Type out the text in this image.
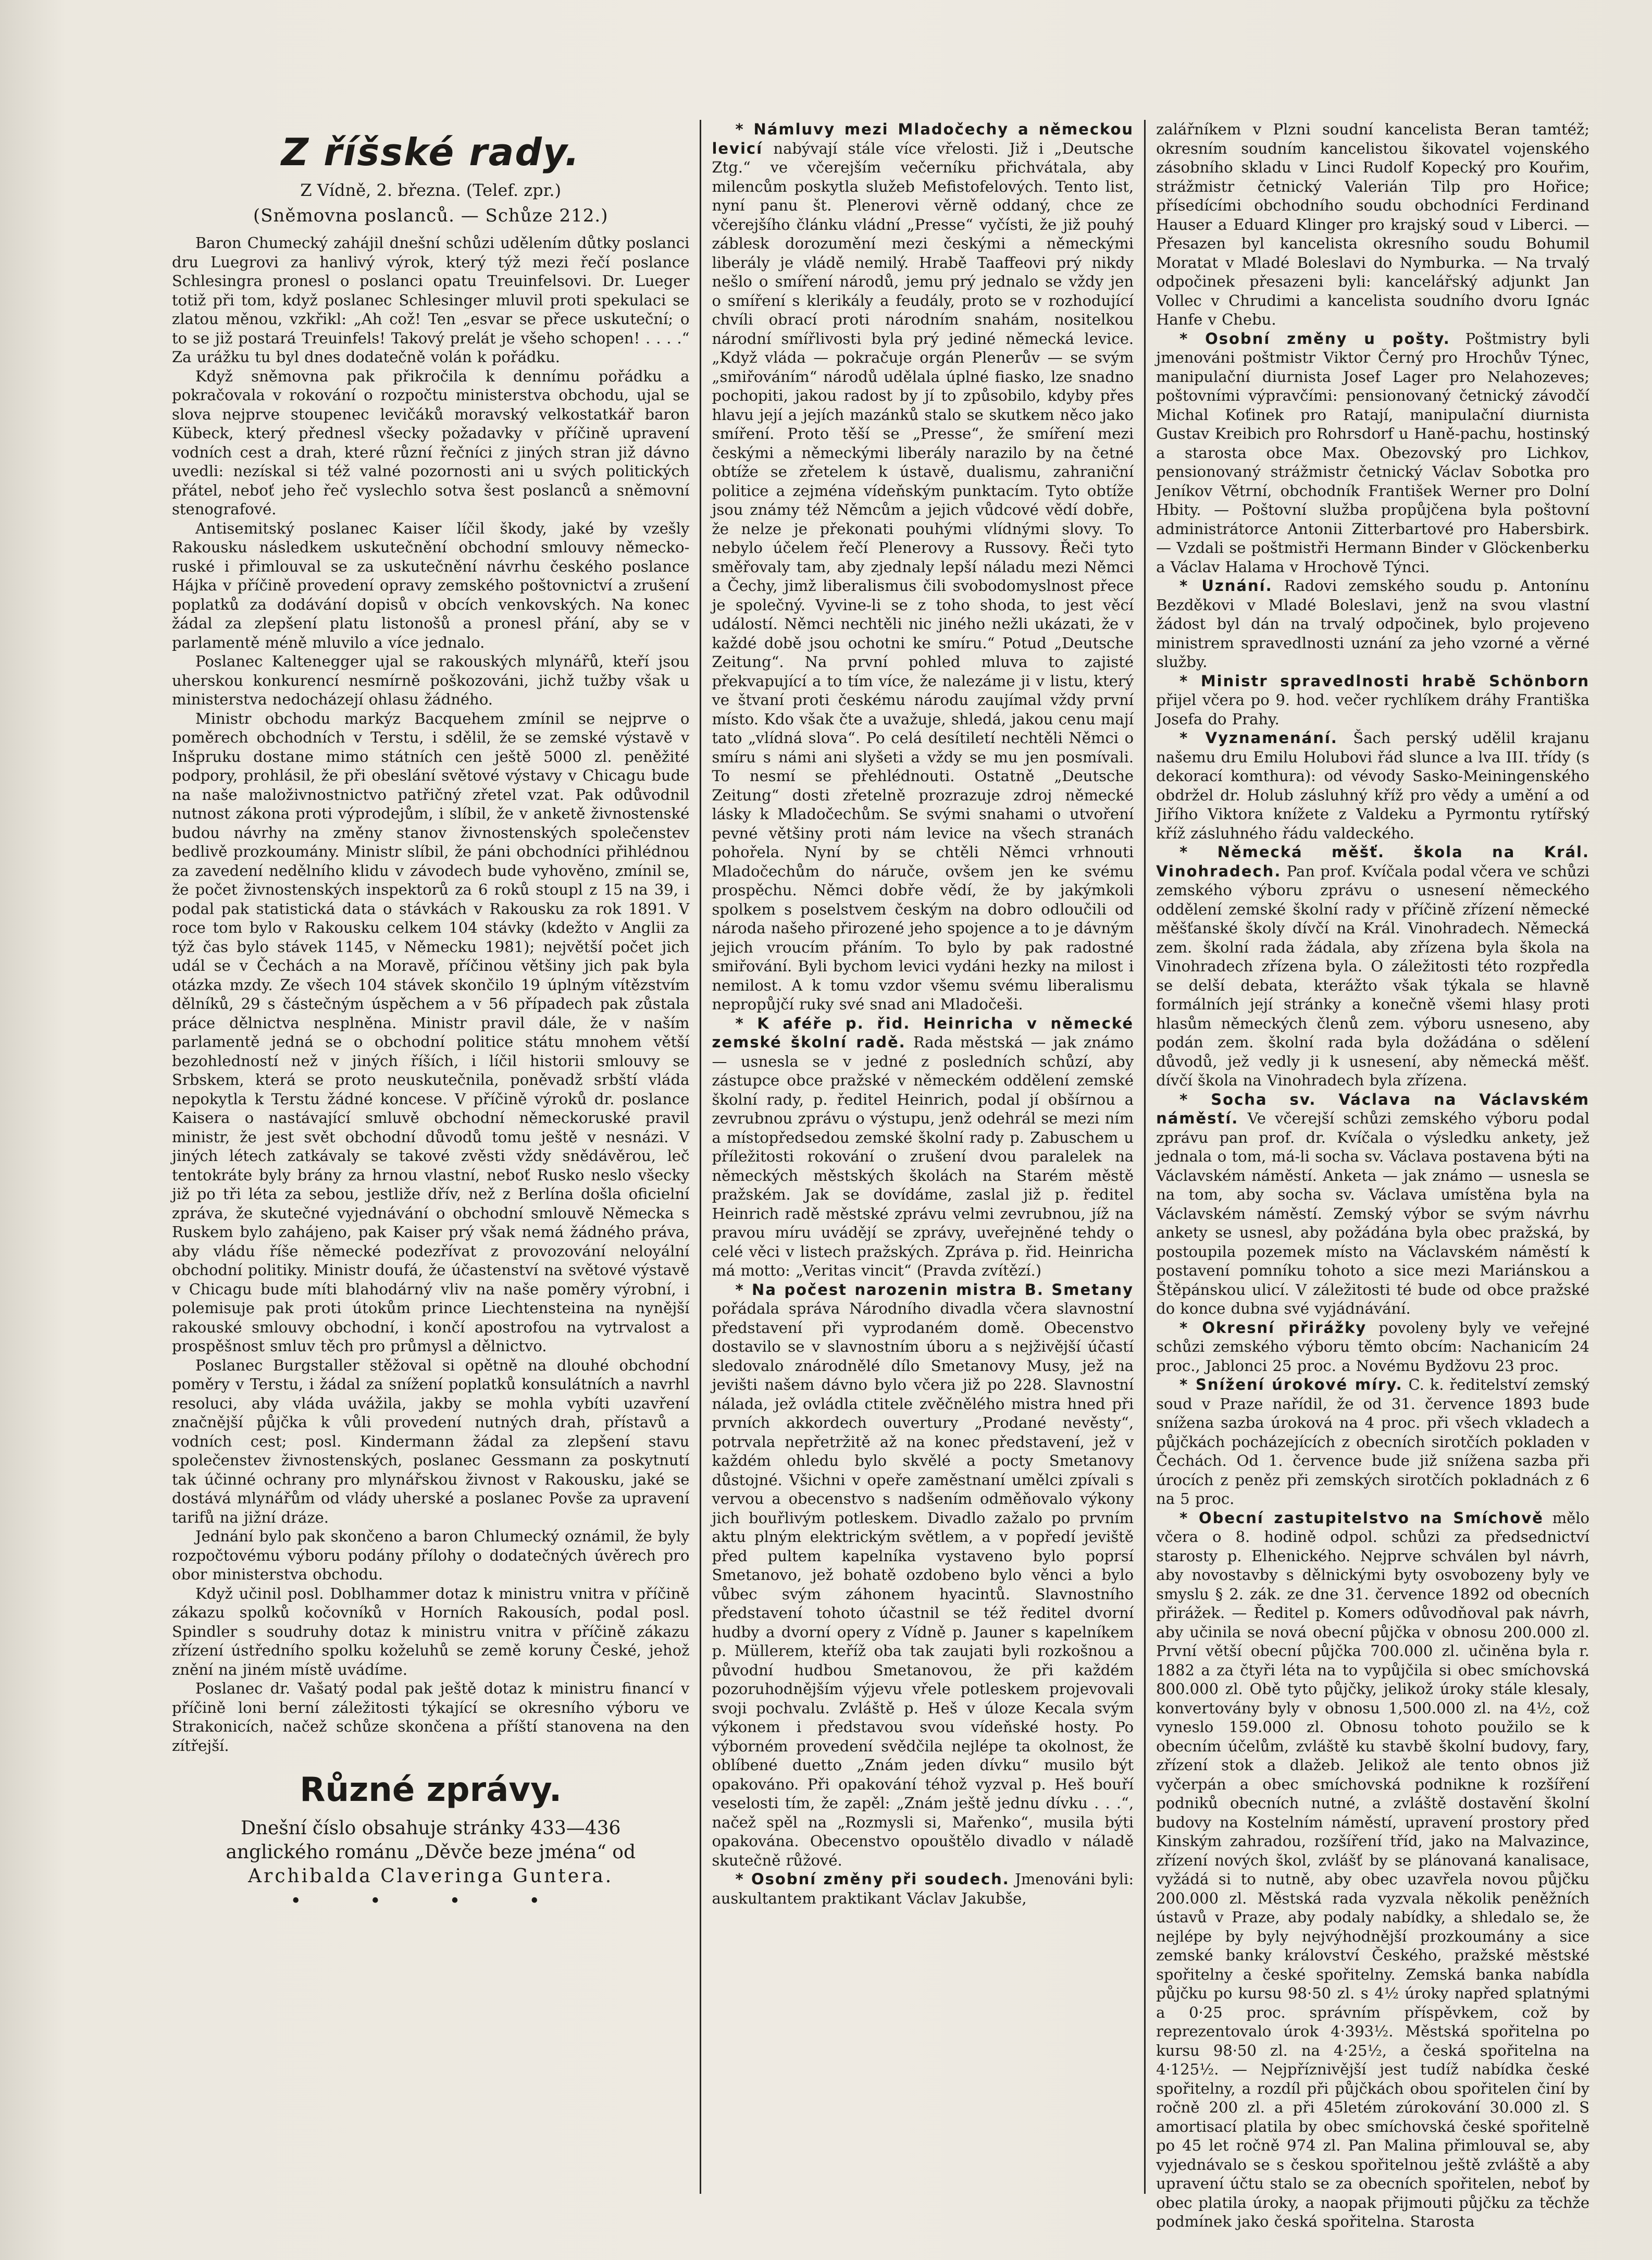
Z říšské rady.
Z Vídně, 2. března. (Telef. zpr.)
(Sněmovna poslanců. — Schůze 212.)

Baron Chumecký zahájil dnešní schůzi udělením důtky poslanci dru Luegrovi za hanlivý výrok, který týž mezi řečí poslance Schlesingra pronesl o poslanci opatu Treuinfelsovi. Dr. Lueger totiž při tom, když poslanec Schlesinger mluvil proti spekulaci se zlatou měnou, vzkřikl: „Ah což! Ten „esvar se přece uskuteční; o to se již postará Treuinfels! Takový prelát je všeho schopen! . . . .“ Za urážku tu byl dnes dodatečně volán k pořádku.

Když sněmovna pak přikročila k dennímu pořádku a pokračovala v rokování o rozpočtu ministerstva obchodu, ujal se slova nejprve stoupenec levičáků moravský velkostatkář baron Kübeck, který přednesl všecky požadavky v příčině upravení vodních cest a drah, které různí řečníci z jiných stran již dávno uvedli: nezískal si též valné pozornosti ani u svých politických přátel, neboť jeho řeč vyslechlo sotva šest poslanců a sněmovní stenografové.

Antisemitský poslanec Kaiser líčil škody, jaké by vzešly Rakousku následkem uskutečnění obchodní smlouvy německo-ruské i přimlouval se za uskutečnění návrhu českého poslance Hájka v příčině provedení opravy zemského poštovnictví a zrušení poplatků za dodávání dopisů v obcích venkovských. Na konec žádal za zlepšení platu listonošů a pronesl přání, aby se v parlamentě méně mluvilo a více jednalo.

Poslanec Kaltenegger ujal se rakouských mlynářů, kteří jsou uherskou konkurencí nesmírně poškozováni, jichž tužby však u ministerstva nedocházejí ohlasu žádného.

Ministr obchodu markýz Bacquehem zmínil se nejprve o poměrech obchodních v Terstu, i sdělil, že se zemské výstavě v Inšpruku dostane mimo státních cen ještě 5000 zl. peněžité podpory, prohlásil, že při obeslání světové výstavy v Chicagu bude na naše maloživnostnictvo patřičný zřetel vzat. Pak odůvodnil nutnost zákona proti výprodejům, i slíbil, že v anketě živnostenské budou návrhy na změny stanov živnostenských společenstev bedlivě prozkoumány. Ministr slíbil, že páni obchodníci přihlédnou za zavedení nedělního klidu v závodech bude vyhověno, zmínil se, že počet živnostenských inspektorů za 6 roků stoupl z 15 na 39, i podal pak statistická data o stávkách v Rakousku za rok 1891. V roce tom bylo v Rakousku celkem 104 stávky (kdežto v Anglii za týž čas bylo stávek 1145, v Německu 1981); největší počet jich udál se v Čechách a na Moravě, příčinou většiny jich pak byla otázka mzdy. Ze všech 104 stávek skončilo 19 úplným vítězstvím dělníků, 29 s částečným úspěchem a v 56 případech pak zůstala práce dělnictva nesplněna. Ministr pravil dále, že v naším parlamentě jedná se o obchodní politice státu mnohem větší bezohledností než v jiných říších, i líčil historii smlouvy se Srbskem, která se proto neuskutečnila, poněvadž srbští vláda nepokytla k Terstu žádné koncese. V příčině výroků dr. poslance Kaisera o nastávající smluvě obchodní německoruské pravil ministr, že jest svět obchodní důvodů tomu ještě v nesnázi. V jiných létech zatkávaly se takové zvěsti vždy snědávěrou, leč tentokráte byly brány za hrnou vlastní, neboť Rusko neslo všecky již po tři léta za sebou, jestliže dřív, než z Berlína došla oficielní zpráva, že skutečné vyjednávání o obchodní smlouvě Německa s Ruskem bylo zahájeno, pak Kaiser prý však nemá žádného práva, aby vládu říše německé podezřívat z provozování neloyální obchodní politiky. Ministr doufá, že účastenství na světové výstavě v Chicagu bude míti blahodárný vliv na naše poměry výrobní, i polemisuje pak proti útokům prince Liechtensteina na nynější rakouské smlouvy obchodní, i končí apostrofou na vytrvalost a prospěšnost smluv těch pro průmysl a dělnictvo.

Poslanec Burgstaller stěžoval si opětně na dlouhé obchodní poměry v Terstu, i žádal za snížení poplatků konsulátních a navrhl resoluci, aby vláda uvážila, jakby se mohla vybíti uzavření značnější půjčka k vůli provedení nutných drah, přístavů a vodních cest; posl. Kindermann žádal za zlepšení stavu společenstev živnostenských, poslanec Gessmann za poskytnutí tak účinné ochrany pro mlynářskou živnost v Rakousku, jaké se dostává mlynářům od vlády uherské a poslanec Povše za upravení tarifů na jižní dráze.

Jednání bylo pak skončeno a baron Chlumecký oznámil, že byly rozpočtovému výboru podány přílohy o dodatečných úvěrech pro obor ministerstva obchodu.

Když učinil posl. Doblhammer dotaz k ministru vnitra v příčině zákazu spolků kočovníků v Horních Rakousích, podal posl. Spindler s soudruhy dotaz k ministru vnitra v příčině zákazu zřízení ústředního spolku koželuhů se země koruny České, jehož znění na jiném místě uvádíme.

Poslanec dr. Vašatý podal pak ještě dotaz k ministru financí v příčině loni berní záležitosti týkající se okresního výboru ve Strakonicích, načež schůze skončena a příští stanovena na den zítřejší.

Různé zprávy.

Dnešní číslo obsahuje stránky 433—436

anglického románu „Děvče beze jména“ od

Archibalda Claveringa Guntera.

• • • •

* Námluvy mezi Mladočechy a německou levicí nabývají stále více vřelosti. Již i „Deutsche Ztg.“ ve včerejším večerníku přichvátala, aby milencům poskytla služeb Mefistofelových. Tento list, nyní panu št. Plenerovi věrně oddaný, chce ze včerejšího článku vládní „Presse“ vyčísti, že již pouhý záblesk dorozumění mezi českými a německými liberály je vládě nemilý. Hrabě Taaffeovi prý nikdy nešlo o smíření národů, jemu prý jednalo se vždy jen o smíření s klerikály a feudály, proto se v rozhodující chvíli obrací proti národním snahám, nositelkou národní smířlivosti byla prý jediné německá levice. „Když vláda — pokračuje orgán Plenerův — se svým „smiřováním“ národů udělala úplné fiasko, lze snadno pochopiti, jakou radost by jí to způsobilo, kdyby přes hlavu její a jejích mazánků stalo se skutkem něco jako smíření. Proto těší se „Presse“, že smíření mezi českými a německými liberály narazilo by na četné obtíže se zřetelem k ústavě, dualismu, zahraniční politice a zejména vídeňským punktacím. Tyto obtíže jsou známy též Němcům a jejich vůdcové vědí dobře, že nelze je překonati pouhými vlídnými slovy. To nebylo účelem řečí Plenerovy a Russovy. Řeči tyto směřovaly tam, aby zjednaly lepší náladu mezi Němci a Čechy, jimž liberalismus čili svobodomyslnost přece je společný. Vyvine-li se z toho shoda, to jest věcí událostí. Němci nechtěli nic jiného nežli ukázati, že v každé době jsou ochotni ke smíru.“ Potud „Deutsche Zeitung“. Na první pohled mluva to zajisté překvapující a to tím více, že nalezáme ji v listu, který ve štvaní proti českému národu zaujímal vždy první místo. Kdo však čte a uvažuje, shledá, jakou cenu mají tato „vlídná slova“. Po celá desítiletí nechtěli Němci o smíru s námi ani slyšeti a vždy se mu jen posmívali. To nesmí se přehlédnouti. Ostatně „Deutsche Zeitung“ dosti zřetelně prozrazuje zdroj německé lásky k Mladočechům. Se svými snahami o utvoření pevné většiny proti nám levice na všech stranách pohořela. Nyní by se chtěli Němci vrhnouti Mladočechům do náruče, ovšem jen ke svému prospěchu. Němci dobře vědí, že by jakýmkoli spolkem s poselstvem českým na dobro odloučili od národa našeho přirozené jeho spojence a to je dávným jejich vroucím přáním. To bylo by pak radostné smiřování. Byli bychom levici vydáni hezky na milost i nemilost. A k tomu vzdor všemu svému liberalismu nepropůjčí ruky své snad ani Mladočeši.

* K aféře p. řid. Heinricha v německé zemské školní radě. Rada městská — jak známo — usnesla se v jedné z posledních schůzí, aby zástupce obce pražské v německém oddělení zemské školní rady, p. ředitel Heinrich, podal jí obšírnou a zevrubnou zprávu o výstupu, jenž odehrál se mezi ním a místopředsedou zemské školní rady p. Zabuschem u příležitosti rokování o zrušení dvou paralelek na německých městských školách na Starém městě pražském. Jak se dovídáme, zaslal již p. ředitel Heinrich radě městské zprávu velmi zevrubnou, jíž na pravou míru uvádějí se zprávy, uveřejněné tehdy o celé věci v listech pražských. Zpráva p. řid. Heinricha má motto: „Veritas vincit“ (Pravda zvítězí.)

* Na počest narozenin mistra B. Smetany pořádala správa Národního divadla včera slavnostní představení při vyprodaném domě. Obecenstvo dostavilo se v slavnostním úboru a s nejživější účastí sledovalo znárodnělé dílo Smetanovy Musy, jež na jevišti našem dávno bylo včera již po 228. Slavnostní nálada, jež ovládla ctitele zvěčnělého mistra hned při prvních akkordech ouvertury „Prodané nevěsty“, potrvala nepřetržitě až na konec představení, jež v každém ohledu bylo skvělé a pocty Smetanovy důstojné. Všichni v opeře zaměstnaní umělci zpívali s vervou a obecenstvo s nadšením odměňovalo výkony jich bouřlivým potleskem. Divadlo zažalo po prvním aktu plným elektrickým světlem, a v popředí jeviště před pultem kapelníka vystaveno bylo poprsí Smetanovo, jež bohatě ozdobeno bylo věnci a bylo vůbec svým záhonem hyacintů. Slavnostního představení tohoto účastnil se též ředitel dvorní hudby a dvorní opery z Vídně p. Jauner s kapelníkem p. Müllerem, kteříž oba tak zaujati byli rozkošnou a původní hudbou Smetanovou, že při každém pozoruhodnějším výjevu vřele potleskem projevovali svoji pochvalu. Zvláště p. Heš v úloze Kecala svým výkonem i představou svou vídeňské hosty. Po výborném provedení svědčila nejlépe ta okolnost, že oblíbené duetto „Znám jeden dívku“ musilo být opakováno. Při opakování téhož vyzval p. Heš bouří veselosti tím, že zapěl: „Znám ještě jednu dívku . . .“, načež spěl na „Rozmysli si, Mařenko“, musila býti opakována. Obecenstvo opouštělo divadlo v náladě skutečně růžové.

* Osobní změny při soudech. Jmenováni byli: auskultantem praktikant Václav Jakubše,

zalářníkem v Plzni soudní kancelista Beran tamtéž; okresním soudním kancelistou šikovatel vojenského zásobního skladu v Linci Rudolf Kopecký pro Kouřim, strážmistr četnický Valerián Tilp pro Hořice; přísedícími obchodního soudu obchodníci Ferdinand Hauser a Eduard Klinger pro krajský soud v Liberci. — Přesazen byl kancelista okresního soudu Bohumil Moratat v Mladé Boleslavi do Nymburka. — Na trvalý odpočinek přesazeni byli: kancelářský adjunkt Jan Vollec v Chrudimi a kancelista soudního dvoru Ignác Hanfe v Chebu.

* Osobní změny u pošty. Poštmistry byli jmenováni poštmistr Viktor Černý pro Hrochův Týnec, manipulační diurnista Josef Lager pro Nelahozeves; poštovními výpravčími: pensionovaný četnický závodčí Michal Koťinek pro Ratají, manipulační diurnista Gustav Kreibich pro Rohrsdorf u Haně-pachu, hostinský a starosta obce Max. Obezovský pro Lichkov, pensionovaný strážmistr četnický Václav Sobotka pro Jeníkov Větrní, obchodník František Werner pro Dolní Hbity. — Poštovní služba propůjčena byla poštovní administrátorce Antonii Zitterbartové pro Habersbirk. — Vzdali se poštmistři Hermann Binder v Glöckenberku a Václav Halama v Hrochově Týnci.

* Uznání. Radovi zemského soudu p. Antonínu Bezděkovi v Mladé Boleslavi, jenž na svou vlastní žádost byl dán na trvalý odpočinek, bylo projeveno ministrem spravedlnosti uznání za jeho vzorné a věrné služby.

* Ministr spravedlnosti hrabě Schönborn přijel včera po 9. hod. večer rychlíkem dráhy Františka Josefa do Prahy.

* Vyznamenání. Šach perský udělil krajanu našemu dru Emilu Holubovi řád slunce a lva III. třídy (s dekorací komthura): od vévody Sasko-Meiningenského obdržel dr. Holub zásluhný kříž pro vědy a umění a od Jiřího Viktora knížete z Valdeku a Pyrmontu rytířský kříž zásluhného řádu valdeckého.

* Německá měšť. škola na Král. Vinohradech. Pan prof. Kvíčala podal včera ve schůzi zemského výboru zprávu o usnesení německého oddělení zemské školní rady v příčině zřízení německé měšťanské školy dívčí na Král. Vinohradech. Německá zem. školní rada žádala, aby zřízena byla škola na Vinohradech zřízena byla. O záležitosti této rozpředla se delší debata, kterážto však týkala se hlavně formálních její stránky a konečně všemi hlasy proti hlasům německých členů zem. výboru usneseno, aby podán zem. školní rada byla dožádána o sdělení důvodů, jež vedly ji k usnesení, aby německá měšť. dívčí škola na Vinohradech byla zřízena.

* Socha sv. Václava na Václavském náměstí. Ve včerejší schůzi zemského výboru podal zprávu pan prof. dr. Kvíčala o výsledku ankety, jež jednala o tom, má-li socha sv. Václava postavena býti na Václavském náměstí. Anketa — jak známo — usnesla se na tom, aby socha sv. Václava umístěna byla na Václavském náměstí. Zemský výbor se svým návrhu ankety se usnesl, aby požádána byla obec pražská, by postoupila pozemek místo na Václavském náměstí k postavení pomníku tohoto a sice mezi Mariánskou a Štěpánskou ulicí. V záležitosti té bude od obce pražské do konce dubna své vyjádnávání.

* Okresní přirážky povoleny byly ve veřejné schůzi zemského výboru těmto obcím: Nachanicím 24 proc., Jablonci 25 proc. a Novému Bydžovu 23 proc.

* Snížení úrokové míry. C. k. ředitelství zemský soud v Praze nařídil, že od 31. července 1893 bude snížena sazba úroková na 4 proc. při všech vkladech a půjčkách pocházejících z obecních sirotčích pokladen v Čechách. Od 1. července bude již snížena sazba při úrocích z peněz při zemských sirotčích pokladnách z 6 na 5 proc.

* Obecní zastupitelstvo na Smíchově mělo včera o 8. hodině odpol. schůzi za předsednictví starosty p. Elhenického. Nejprve schválen byl návrh, aby novostavby s dělnickými byty osvobozeny byly ve smyslu § 2. zák. ze dne 31. července 1892 od obecních přirážek. — Ředitel p. Komers odůvodňoval pak návrh, aby učinila se nová obecní půjčka v obnosu 200.000 zl. První větší obecní půjčka 700.000 zl. učiněna byla r. 1882 a za čtyři léta na to vypůjčila si obec smíchovská 800.000 zl. Obě tyto půjčky, jelikož úroky stále klesaly, konvertovány byly v obnosu 1,500.000 zl. na 4½, což vyneslo 159.000 zl. Obnosu tohoto použilo se k obecním účelům, zvláště ku stavbě školní budovy, fary, zřízení stok a dlažeb. Jelikož ale tento obnos již vyčerpán a obec smíchovská podnikne k rozšíření podniků obecních nutné, a zvláště dostavění školní budovy na Kostelním náměstí, upravení prostory před Kinským zahradou, rozšíření tříd, jako na Malvazince, zřízení nových škol, zvlášť by se plánovaná kanalisace, vyžádá si to nutně, aby obec uzavřela novou půjčku 200.000 zl. Městská rada vyzvala několik peněžních ústavů v Praze, aby podaly nabídky, a shledalo se, že nejlépe by byly nejvýhodnější prozkoumány a sice zemské banky království Českého, pražské městské spořitelny a české spořitelny. Zemská banka nabídla půjčku po kursu 98·50 zl. s 4½ úroky napřed splatnými a 0·25 proc. správním příspěvkem, což by reprezentovalo úrok 4·393½. Městská spořitelna po kursu 98·50 zl. na 4·25½, a česká spořitelna na 4·125½. — Nejpříznivější jest tudíž nabídka české spořitelny, a rozdíl při půjčkách obou spořitelen činí by ročně 200 zl. a při 45letém zúrokování 30.000 zl. S amortisací platila by obec smíchovská české spořitelně po 45 let ročně 974 zl. Pan Malina přimlouval se, aby vyjednávalo se s českou spořitelnou ještě zvláště a aby upravení účtu stalo se za obecních spořitelen, neboť by obec platila úroky, a naopak přijmouti půjčku za těchže podmínek jako česká spořitelna. Starosta
